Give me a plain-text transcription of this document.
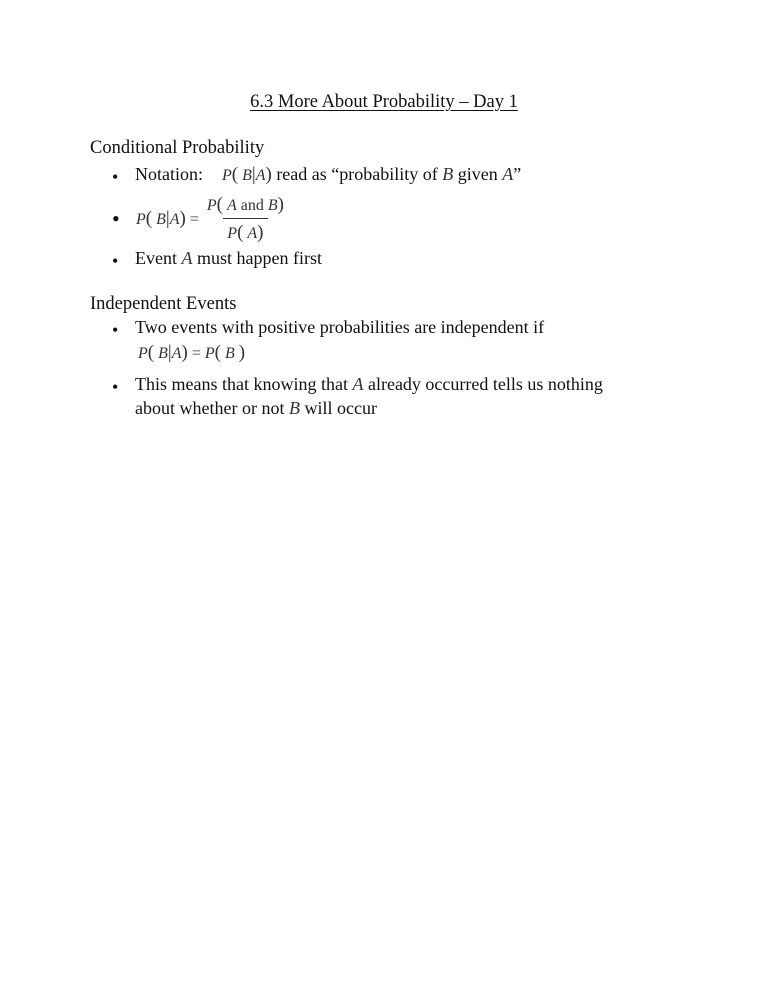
6.3 More About Probability – Day 1
Conditional Probability
• Notation: P( B|A) read as “probability of B given A”
•	P( $B|A) = \frac{\text{P( A and B)}}{P( A)}$
• Event A must happen first
Independent Events
• Two events with positive probabilities are independent if
P( B|A) = P( B )
• This means that knowing that A already occurred tells us nothing
about whether or not B will occur
